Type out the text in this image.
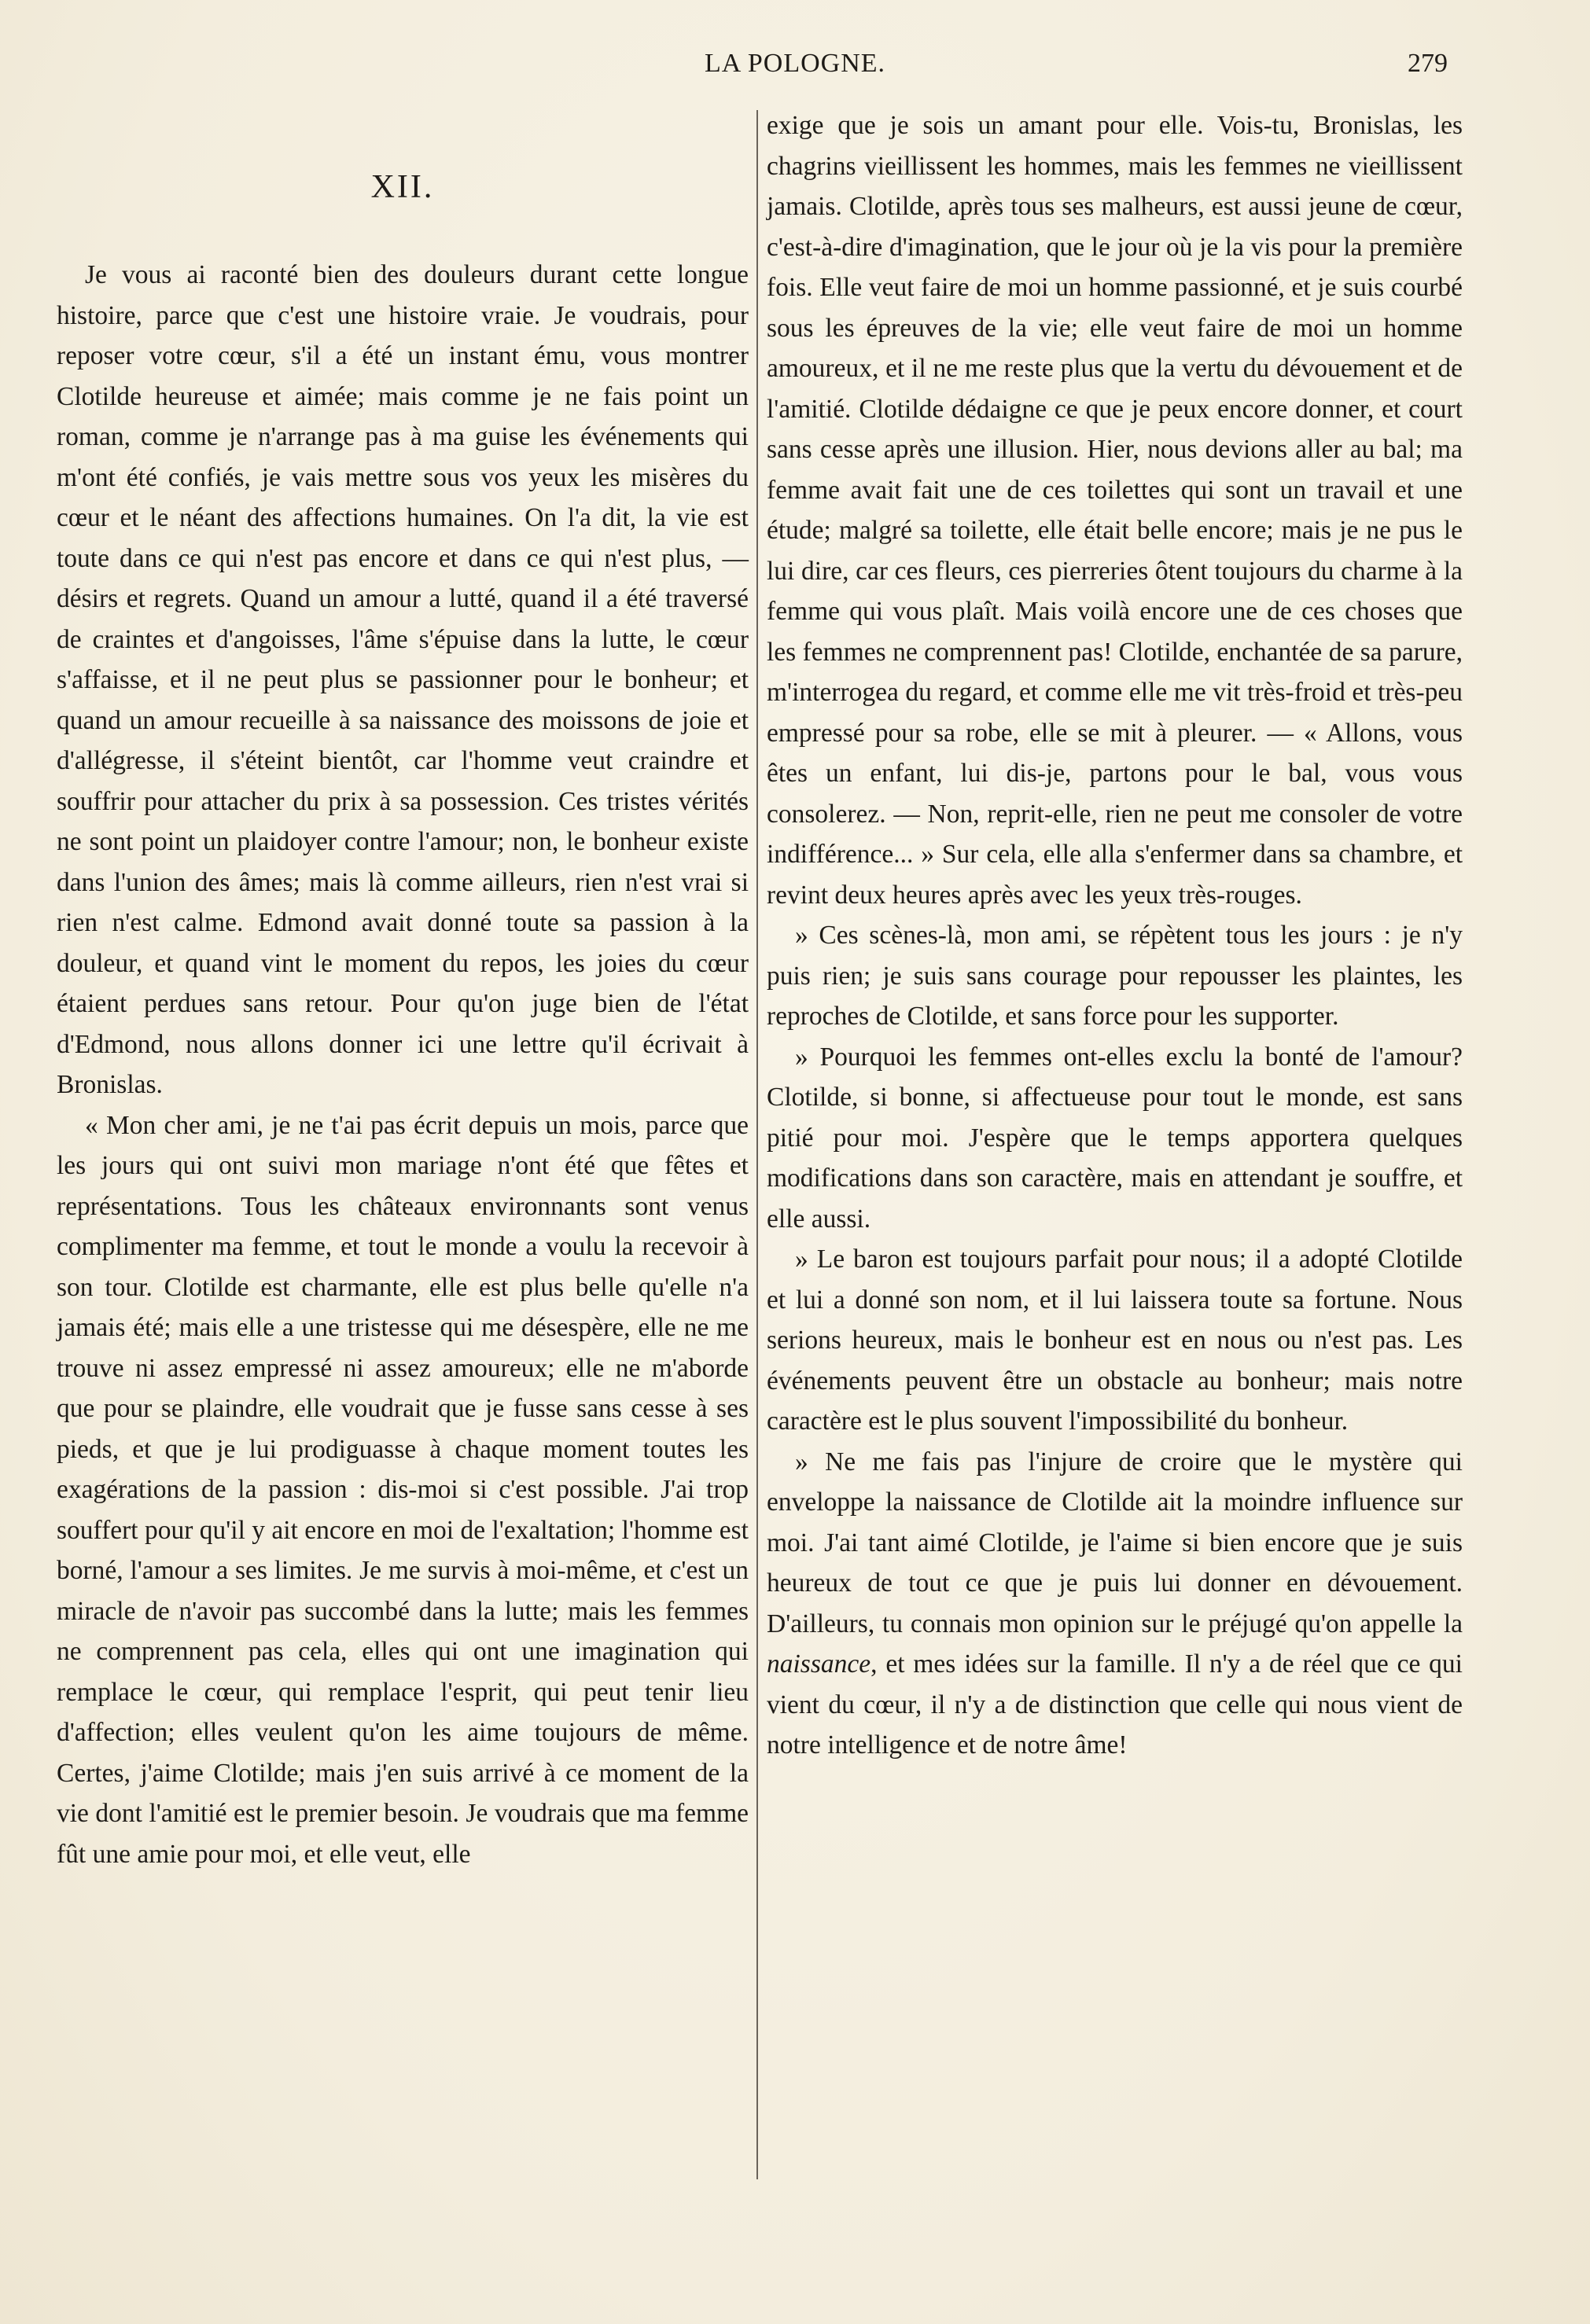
LA POLOGNE.	279
XII.

Je vous ai raconté bien des douleurs durant cette longue histoire, parce que c'est une histoire vraie. Je voudrais, pour reposer votre cœur, s'il a été un instant ému, vous montrer Clotilde heureuse et aimée; mais comme je ne fais point un roman, comme je n'arrange pas à ma guise les événements qui m'ont été confiés, je vais mettre sous vos yeux les misères du cœur et le néant des affections humaines. On l'a dit, la vie est toute dans ce qui n'est pas encore et dans ce qui n'est plus, — désirs et regrets. Quand un amour a lutté, quand il a été traversé de craintes et d'angoisses, l'âme s'épuise dans la lutte, le cœur s'affaisse, et il ne peut plus se passionner pour le bonheur; et quand un amour recueille à sa naissance des moissons de joie et d'allégresse, il s'éteint bientôt, car l'homme veut craindre et souffrir pour attacher du prix à sa possession. Ces tristes vérités ne sont point un plaidoyer contre l'amour; non, le bonheur existe dans l'union des âmes; mais là comme ailleurs, rien n'est vrai si rien n'est calme. Edmond avait donné toute sa passion à la douleur, et quand vint le moment du repos, les joies du cœur étaient perdues sans retour. Pour qu'on juge bien de l'état d'Edmond, nous allons donner ici une lettre qu'il écrivait à Bronislas.

« Mon cher ami, je ne t'ai pas écrit depuis un mois, parce que les jours qui ont suivi mon mariage n'ont été que fêtes et représentations. Tous les châteaux environnants sont venus complimenter ma femme, et tout le monde a voulu la recevoir à son tour. Clotilde est charmante, elle est plus belle qu'elle n'a jamais été; mais elle a une tristesse qui me désespère, elle ne me trouve ni assez empressé ni assez amoureux; elle ne m'aborde que pour se plaindre, elle voudrait que je fusse sans cesse à ses pieds, et que je lui prodiguasse à chaque moment toutes les exagérations de la passion : dis-moi si c'est possible. J'ai trop souffert pour qu'il y ait encore en moi de l'exaltation; l'homme est borné, l'amour a ses limites. Je me survis à moi-même, et c'est un miracle de n'avoir pas succombé dans la lutte; mais les femmes ne comprennent pas cela, elles qui ont une imagination qui remplace le cœur, qui remplace l'esprit, qui peut tenir lieu d'affection; elles veulent qu'on les aime toujours de même. Certes, j'aime Clotilde; mais j'en suis arrivé à ce moment de la vie dont l'amitié est le premier besoin. Je voudrais que ma femme fût une amie pour moi, et elle veut, elle

exige que je sois un amant pour elle. Vois-tu, Bronislas, les chagrins vieillissent les hommes, mais les femmes ne vieillissent jamais. Clotilde, après tous ses malheurs, est aussi jeune de cœur, c'est-à-dire d'imagination, que le jour où je la vis pour la première fois. Elle veut faire de moi un homme passionné, et je suis courbé sous les épreuves de la vie; elle veut faire de moi un homme amoureux, et il ne me reste plus que la vertu du dévouement et de l'amitié. Clotilde dédaigne ce que je peux encore donner, et court sans cesse après une illusion. Hier, nous devions aller au bal; ma femme avait fait une de ces toilettes qui sont un travail et une étude; malgré sa toilette, elle était belle encore; mais je ne pus le lui dire, car ces fleurs, ces pierreries ôtent toujours du charme à la femme qui vous plaît. Mais voilà encore une de ces choses que les femmes ne comprennent pas! Clotilde, enchantée de sa parure, m'interrogea du regard, et comme elle me vit très-froid et très-peu empressé pour sa robe, elle se mit à pleurer. — « Allons, vous êtes un enfant, lui dis-je, partons pour le bal, vous vous consolerez. — Non, reprit-elle, rien ne peut me consoler de votre indifférence... » Sur cela, elle alla s'enfermer dans sa chambre, et revint deux heures après avec les yeux très-rouges.

» Ces scènes-là, mon ami, se répètent tous les jours : je n'y puis rien; je suis sans courage pour repousser les plaintes, les reproches de Clotilde, et sans force pour les supporter.

» Pourquoi les femmes ont-elles exclu la bonté de l'amour? Clotilde, si bonne, si affectueuse pour tout le monde, est sans pitié pour moi. J'espère que le temps apportera quelques modifications dans son caractère, mais en attendant je souffre, et elle aussi.

» Le baron est toujours parfait pour nous; il a adopté Clotilde et lui a donné son nom, et il lui laissera toute sa fortune. Nous serions heureux, mais le bonheur est en nous ou n'est pas. Les événements peuvent être un obstacle au bonheur; mais notre caractère est le plus souvent l'impossibilité du bonheur.

» Ne me fais pas l'injure de croire que le mystère qui enveloppe la naissance de Clotilde ait la moindre influence sur moi. J'ai tant aimé Clotilde, je l'aime si bien encore que je suis heureux de tout ce que je puis lui donner en dévouement. D'ailleurs, tu connais mon opinion sur le préjugé qu'on appelle la naissance, et mes idées sur la famille. Il n'y a de réel que ce qui vient du cœur, il n'y a de distinction que celle qui nous vient de notre intelligence et de notre âme!
